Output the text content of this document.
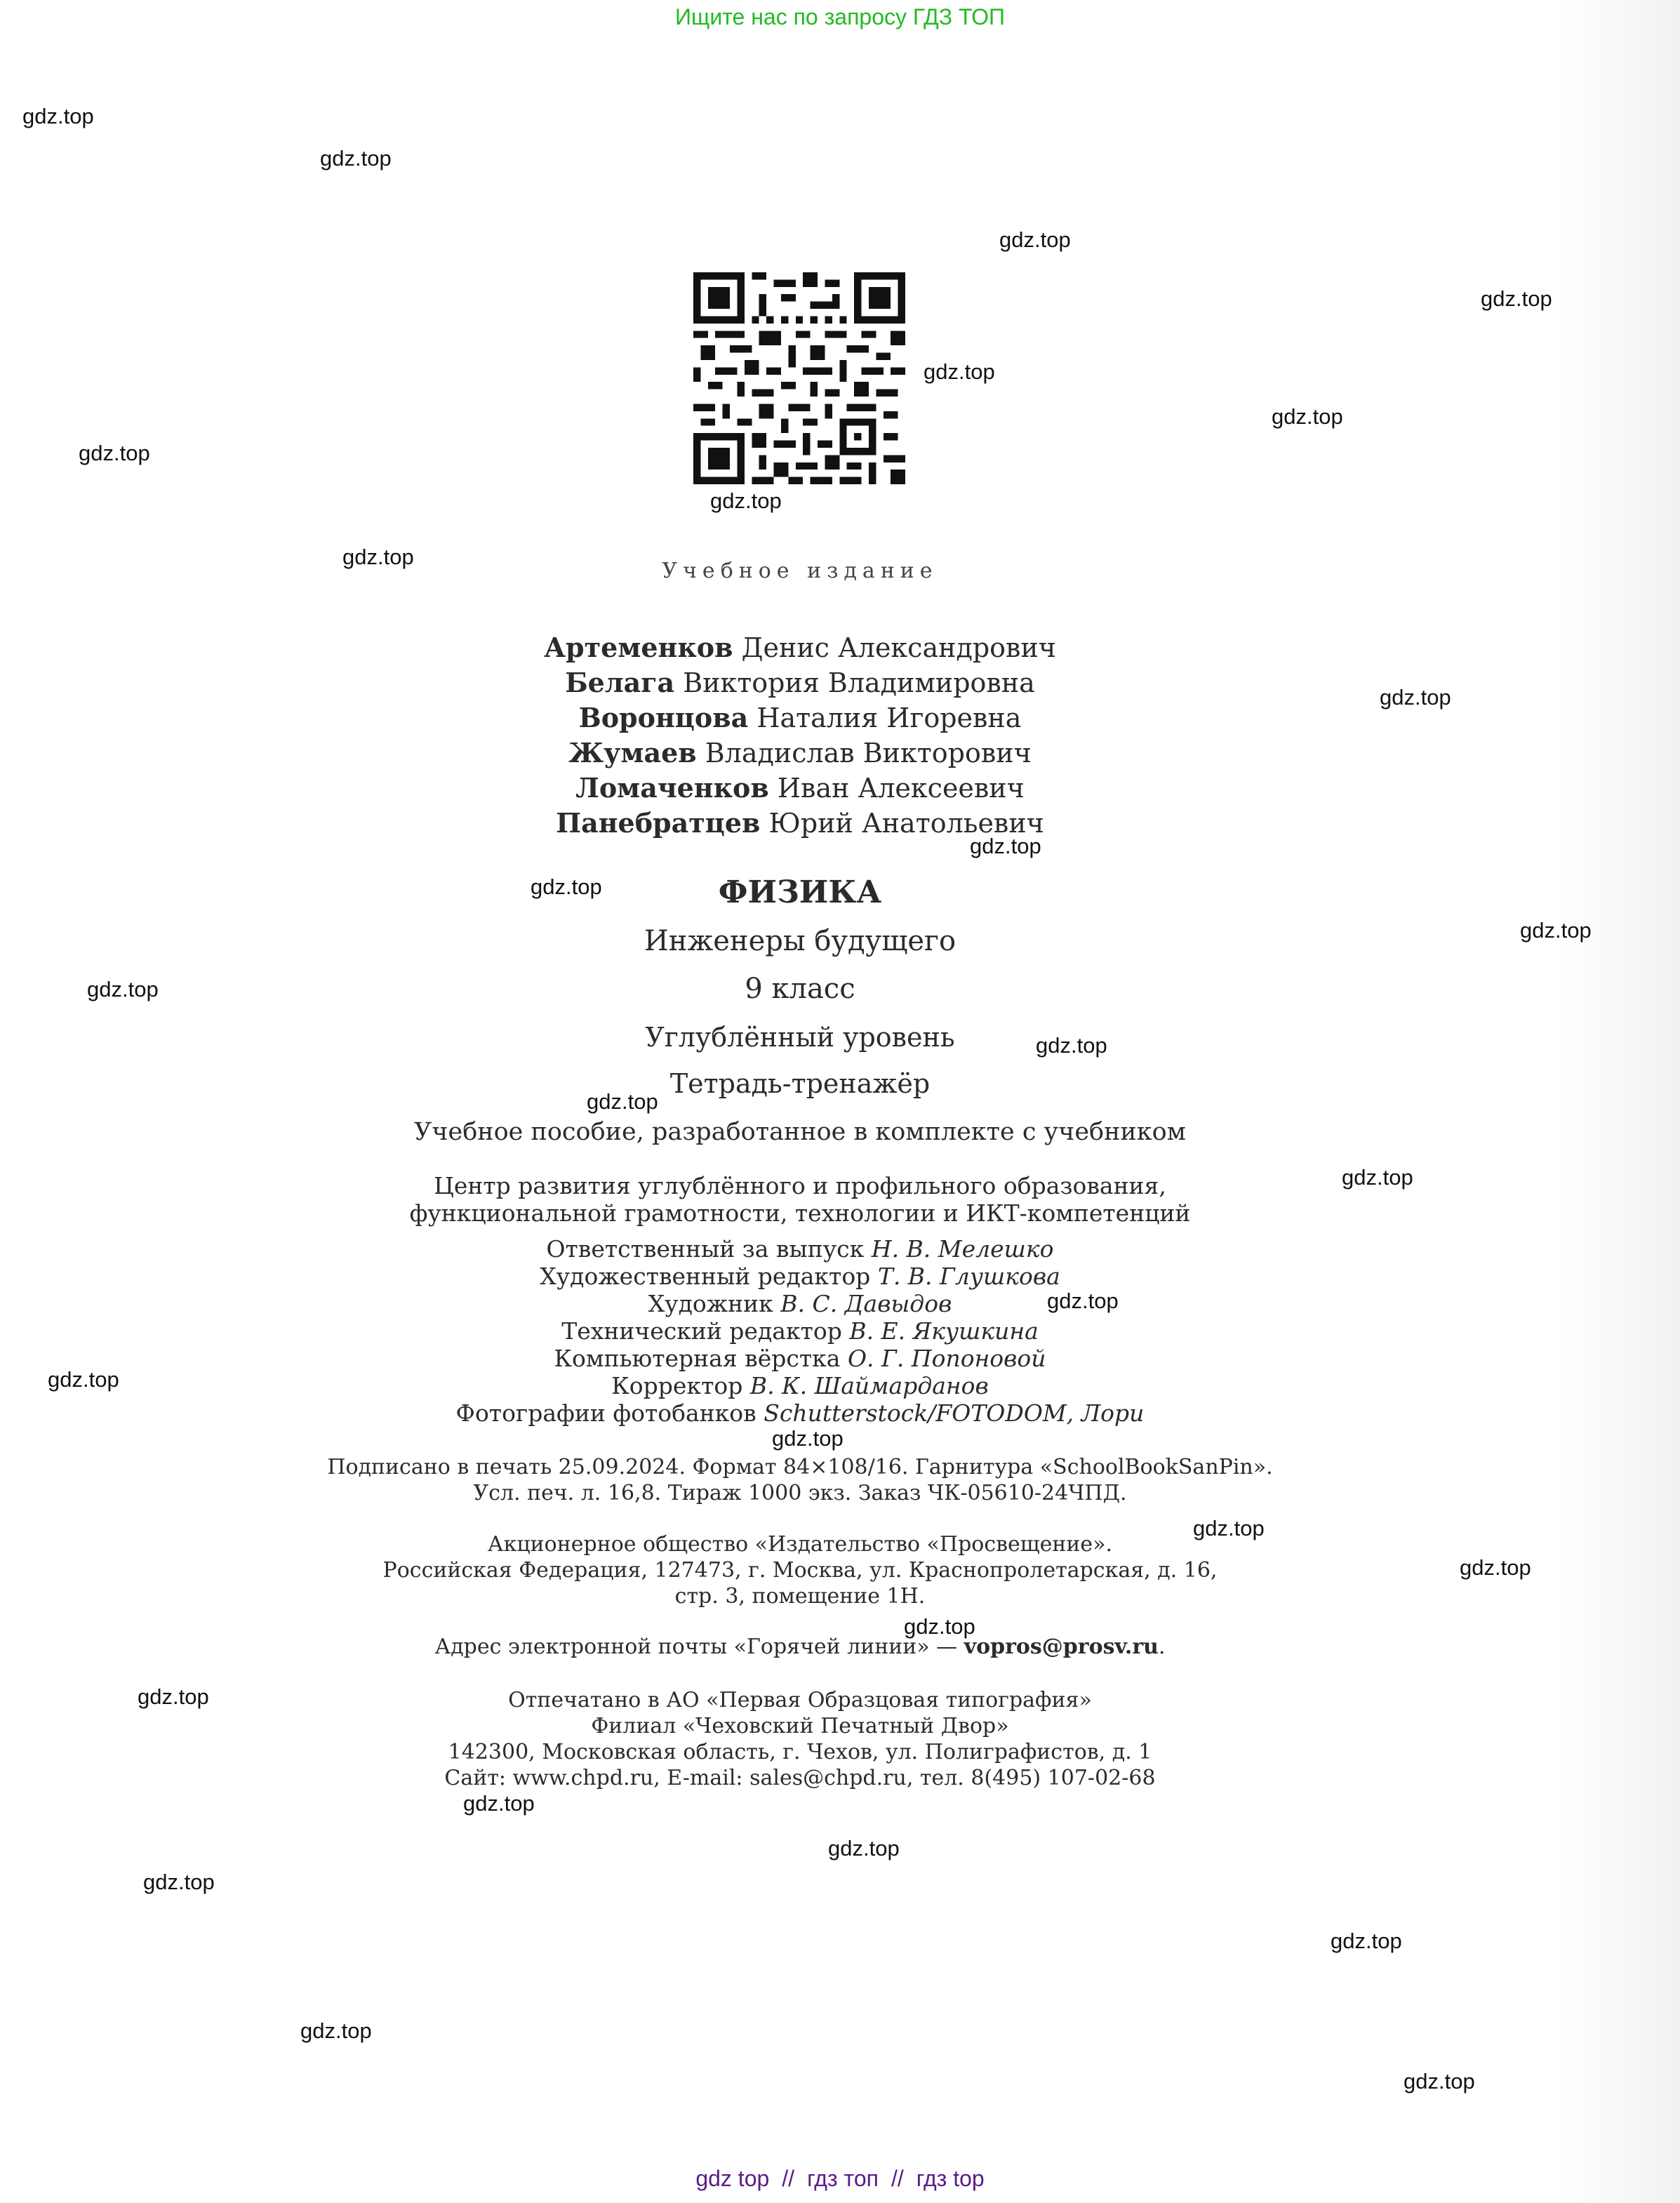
Ищите нас по запросу ГДЗ ТОП
Учебное издание
Артеменков Денис Александрович
Белага Виктория Владимировна
Воронцова Наталия Игоревна
Жумаев Владислав Викторович
Ломаченков Иван Алексеевич
Панебратцев Юрий Анатольевич
ФИЗИКА
Инженеры будущего
9 класс
Углублённый уровень
Тетрадь-тренажёр
Учебное пособие, разработанное в комплекте с учебником
Центр развития углублённого и профильного образования,
функциональной грамотности, технологии и ИКТ-компетенций
Ответственный за выпуск Н. В. Мелешко
Художественный редактор Т. В. Глушкова
Художник В. С. Давыдов
Технический редактор В. Е. Якушкина
Компьютерная вёрстка О. Г. Попоновой
Корректор В. К. Шаймарданов
Фотографии фотобанков Schutterstock/FOTODOM, Лори
Подписано в печать 25.09.2024. Формат 84×108/16. Гарнитура «SchoolBookSanPin».
Усл. печ. л. 16,8. Тираж 1000 экз. Заказ ЧК-05610-24ЧПД.
Акционерное общество «Издательство «Просвещение».
Российская Федерация, 127473, г. Москва, ул. Краснопролетарская, д. 16,
стр. 3, помещение 1Н.
Адрес электронной почты «Горячей линии» — vopros@prosv.ru.
Отпечатано в АО «Первая Образцовая типография»
Филиал «Чеховский Печатный Двор»
142300, Московская область, г. Чехов, ул. Полиграфистов, д. 1
Сайт: www.chpd.ru, E-mail: sales@chpd.ru, тел. 8(495) 107-02-68
gdz.top
gdz.top
gdz.top
gdz.top
gdz.top
gdz.top
gdz.top
gdz.top
gdz.top
gdz.top
gdz.top
gdz.top
gdz.top
gdz.top
gdz.top
gdz.top
gdz.top
gdz.top
gdz.top
gdz.top
gdz.top
gdz.top
gdz.top
gdz.top
gdz.top
gdz.top
gdz.top
gdz.top
gdz.top
gdz.top
gdz top // гдз топ // гдз top
